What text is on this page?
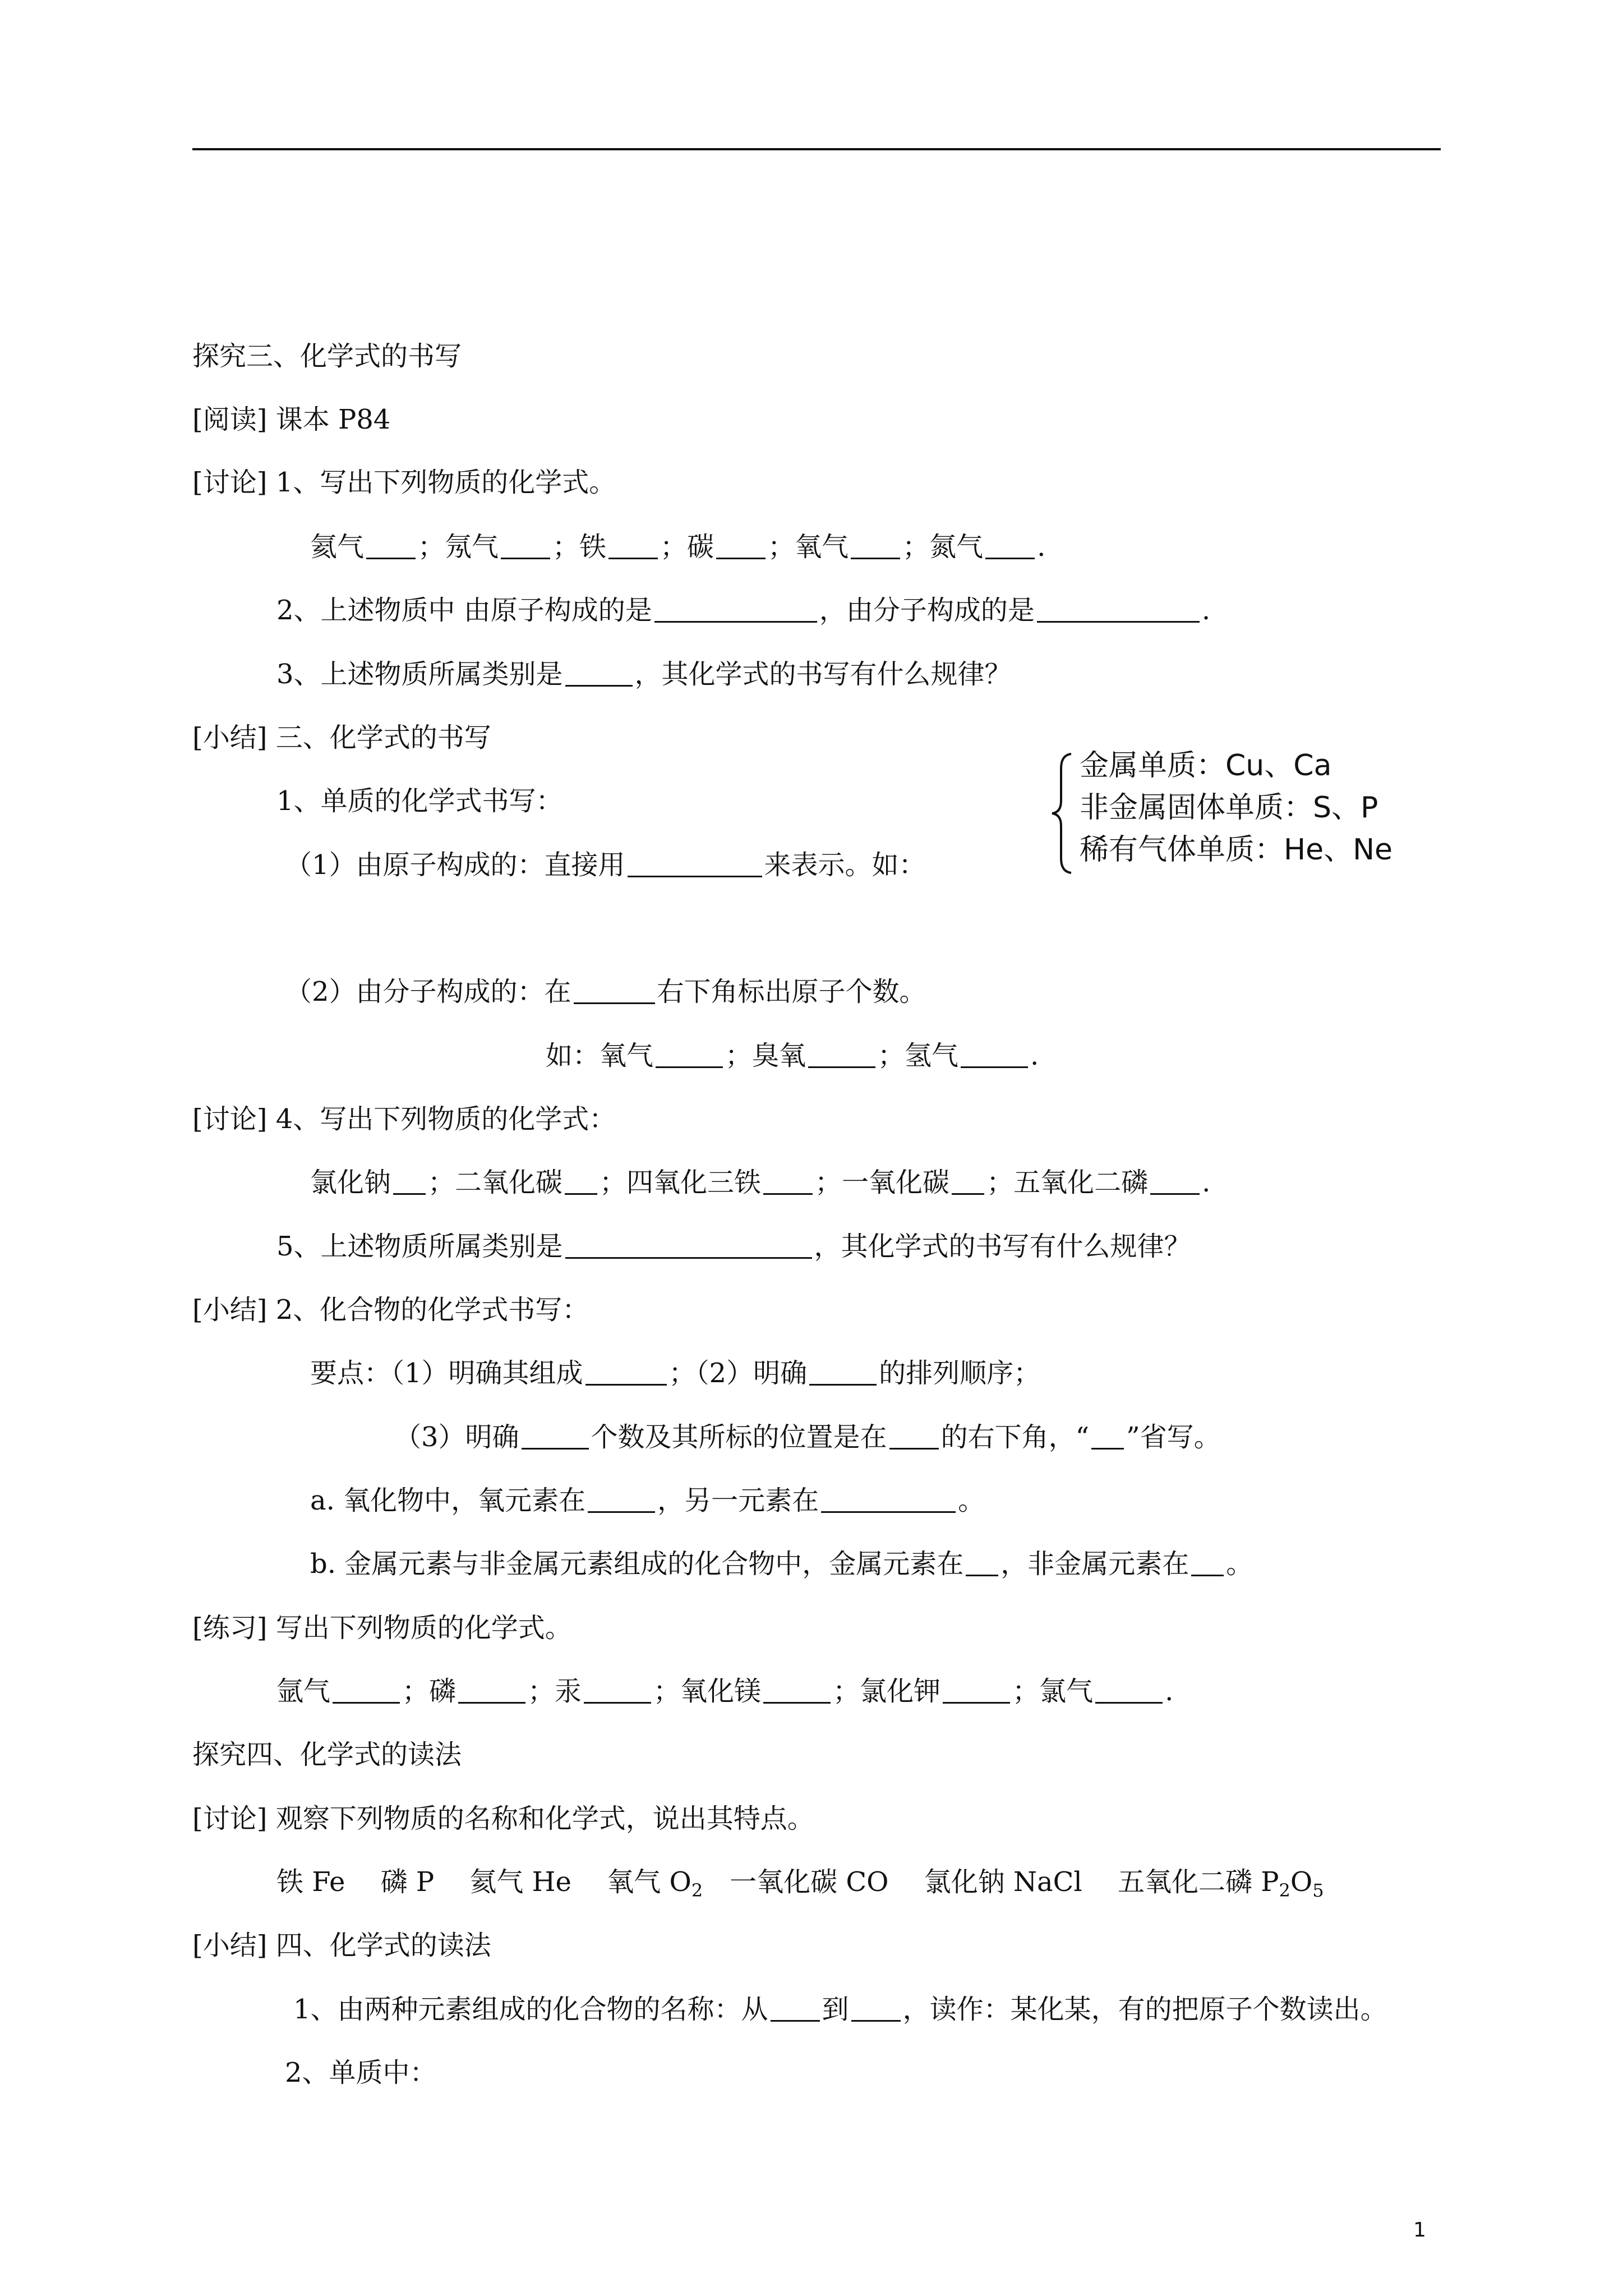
探究三、化学式的书写
[阅读] 课本 P84
[讨论] 1、写出下列物质的化学式。
氦气 ；氖气 ；铁 ；碳 ；氧气 ；氮气 .
2、上述物质中 由原子构成的是	，由分子构成的是	.
3、上述物质所属类别是	，其化学式的书写有什么规律？
[小结] 三、化学式的书写
1、单质的化学式书写：
（1）由原子构成的：直接用	来表示。如：
金属单质：Cu、Ca
非金属固体单质：S、P
稀有气体单质：He、Ne
（2）由分子构成的：在	右下角标出原子个数。
如：氧气	；臭氧	；氢气	.
[讨论] 4、写出下列物质的化学式：
氯化钠 ；二氧化碳 ；四氧化三铁 ；一氧化碳 ；五氧化二磷 .
5、上述物质所属类别是	，其化学式的书写有什么规律？
[小结] 2、化合物的化学式书写：
要点：（1）明确其组成	；（2）明确	的排列顺序；
（3）明确	个数及其所标的位置是在 的右下角，“ ”省写。
a. 氧化物中，氧元素在	，另一元素在	。
b. 金属元素与非金属元素组成的化合物中，金属元素在 ，非金属元素在 。
[练习] 写出下列物质的化学式。
氩气	；磷	；汞	；氧化镁	；氯化钾	；氯气	.
探究四、化学式的读法
[讨论] 观察下列物质的名称和化学式，说出其特点。
铁 Fe　 磷 P　 氦气 He　 氧气 $O_2$　一氧化碳 CO　 氯化钠 NaCl　 五氧化二磷 $P_2O_5$
[小结] 四、化学式的读法
1、由两种元素组成的化合物的名称：从 到 ，读作：某化某，有的把原子个数读出。
2、单质中：
1
